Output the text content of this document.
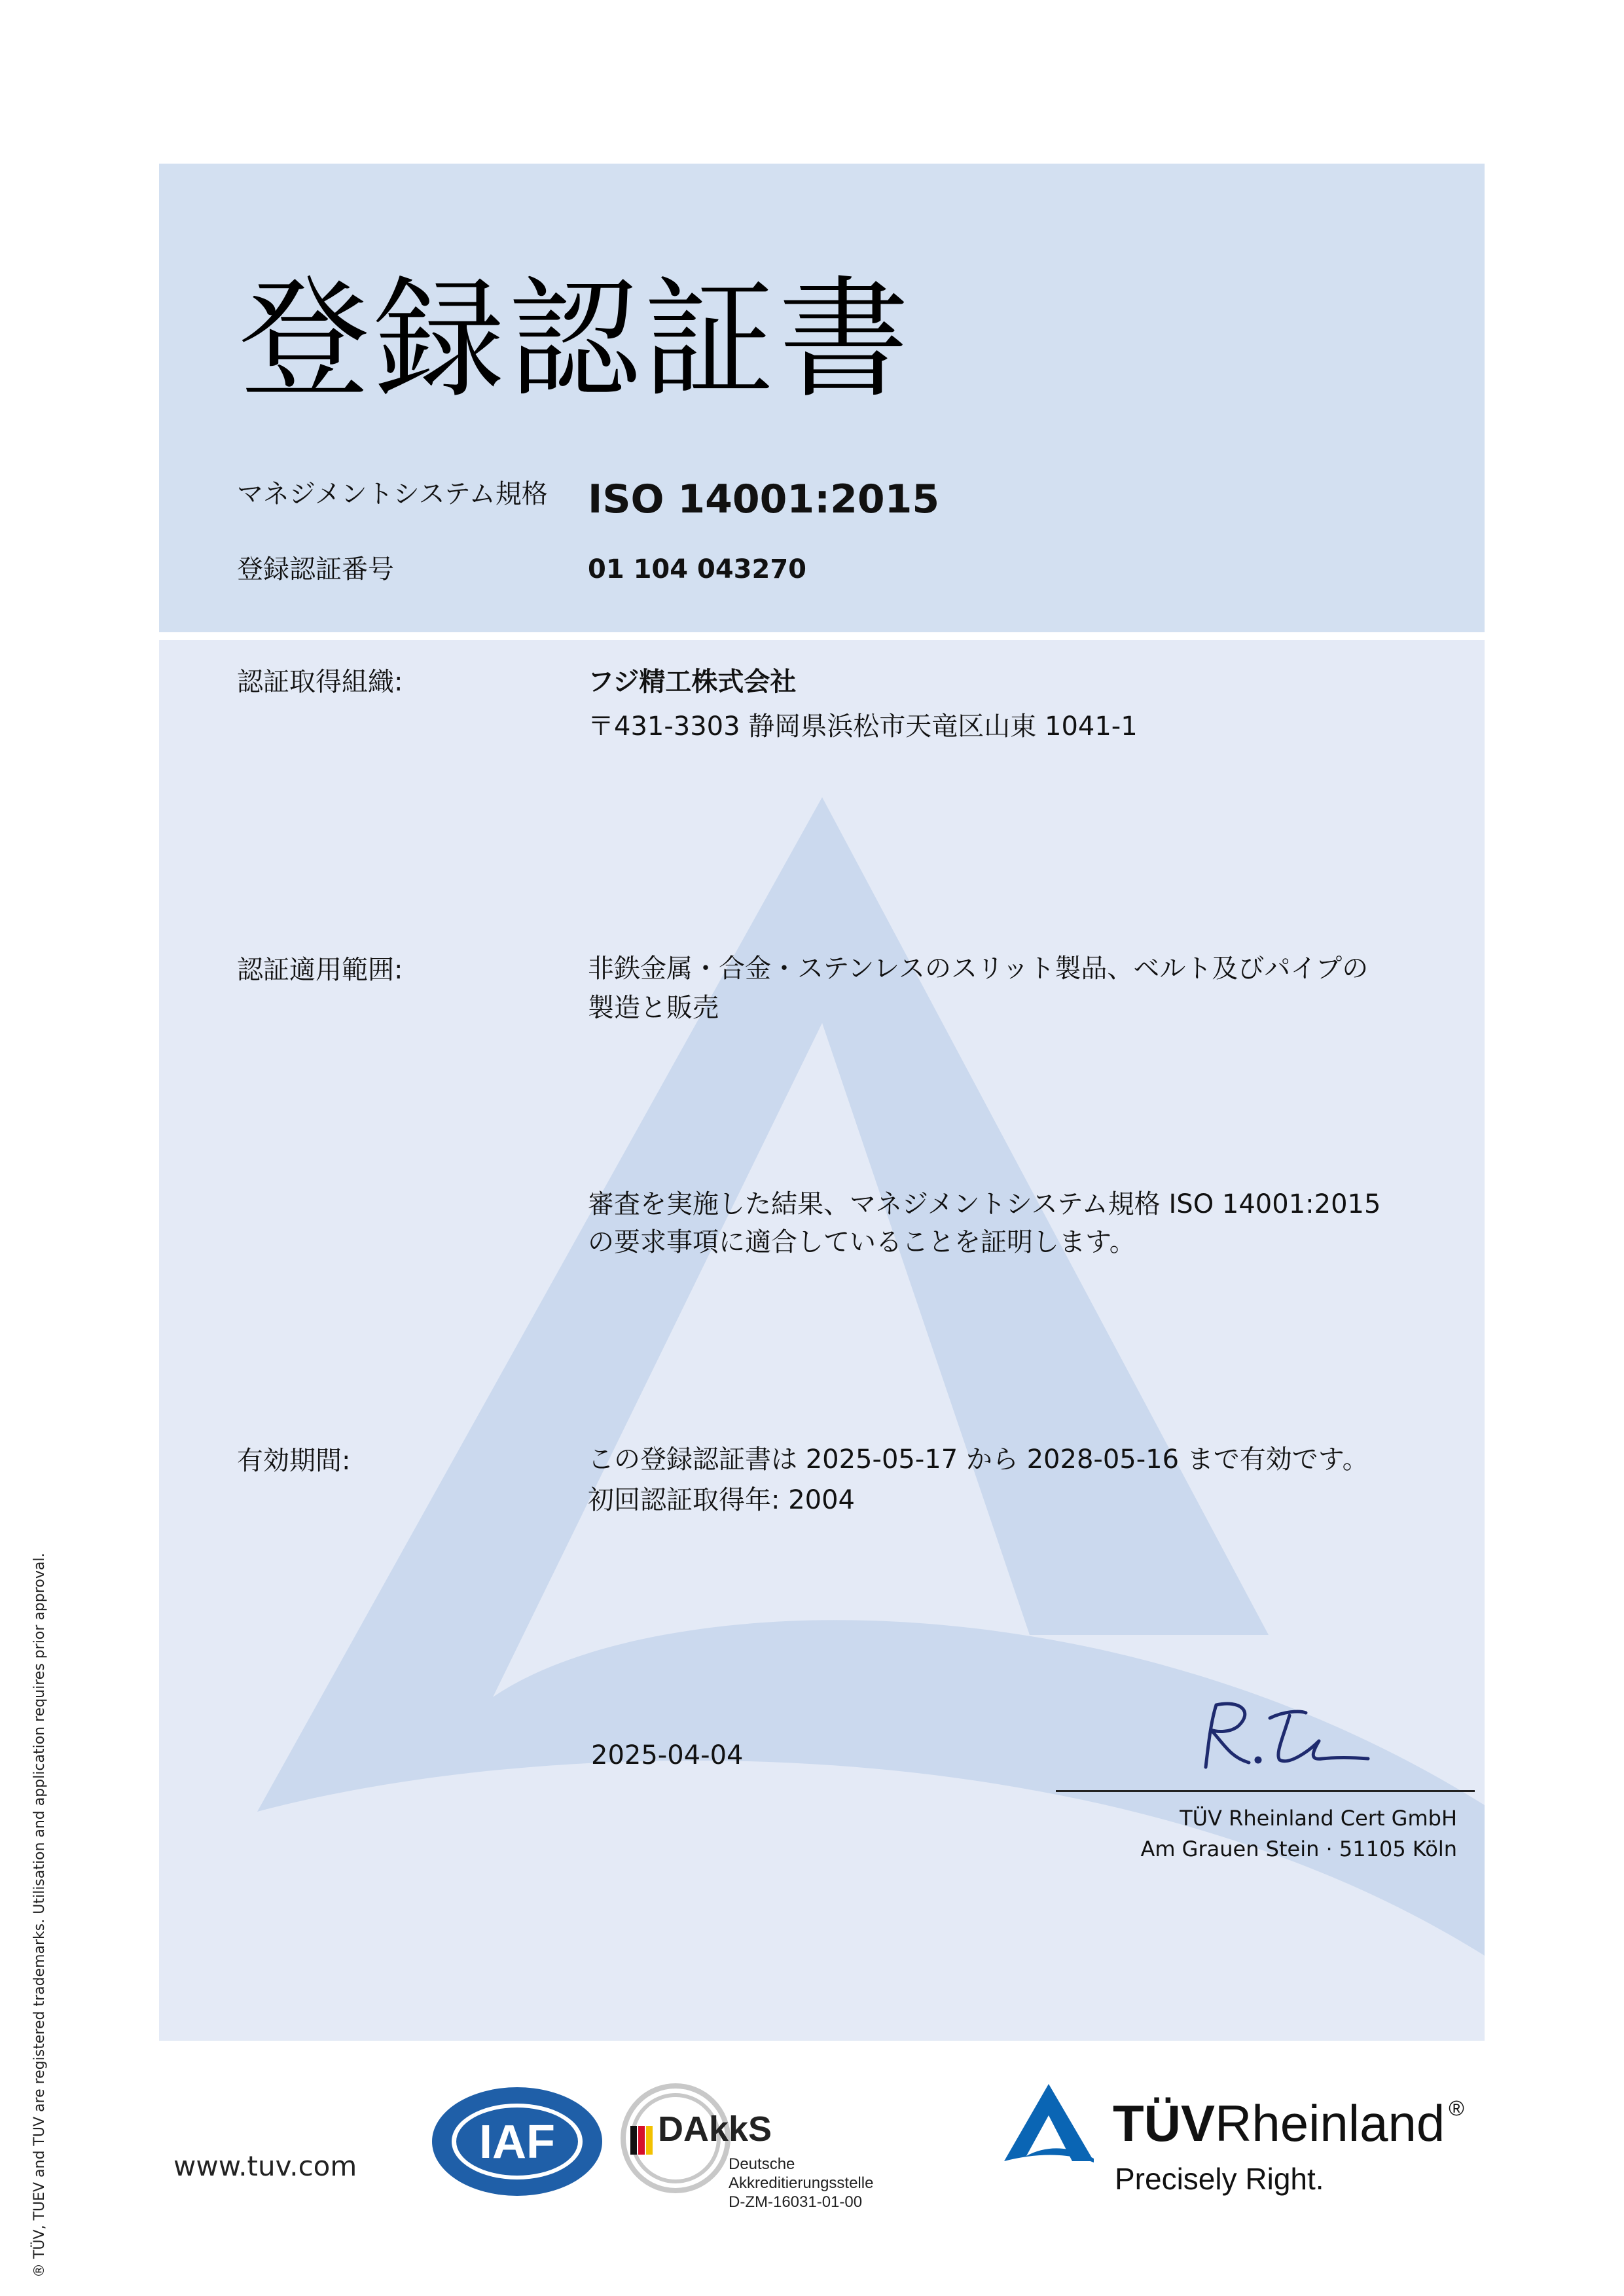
登録認証書
マネジメントシステム規格 ISO 14001:2015
登録認証番号	01 104 043270
認証取得組織:	フジ精工株式会社
〒431-3303 静岡県浜松市天竜区山東 1041-1
認証適用範囲:	非鉄金属・合金・ステンレスのスリット製品、ベルト及びパイプの
製造と販売
審査を実施した結果、マネジメントシステム規格 ISO 14001:2015
の要求事項に適合していることを証明します。
有効期間:	この登録認証書は 2025-05-17 から 2028-05-16 まで有効です。
初回認証取得年: 2004
2025-04-04
TÜV Rheinland Cert GmbH
Am Grauen Stein · 51105 Köln
www.tuv.com	IAF	DAkkS
Deutsche
Akkreditierungsstelle
D-ZM-16031-01-00
TÜVRheinland ®
Precisely Right.
® TÜV, TUEV and TUV are registered trademarks. Utilisation and application requires prior approval.
